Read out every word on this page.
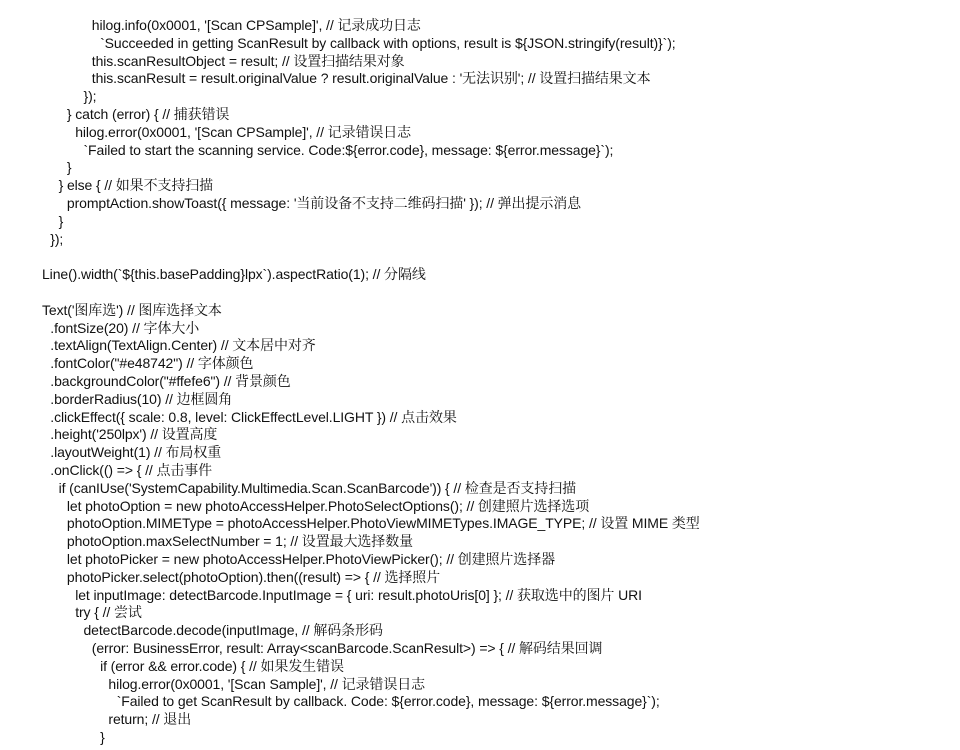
hilog.info(0x0001, '[Scan CPSample]', // 记录成功日志
`Succeeded in getting ScanResult by callback with options, result is ${JSON.stringify(result)}`);
this.scanResultObject = result; // 设置扫描结果对象
this.scanResult = result.originalValue ? result.originalValue : '无法识别'; // 设置扫描结果文本
});
} catch (error) { // 捕获错误
hilog.error(0x0001, '[Scan CPSample]', // 记录错误日志
`Failed to start the scanning service. Code:${error.code}, message: ${error.message}`);
}
} else { // 如果不支持扫描
promptAction.showToast({ message: '当前设备不支持二维码扫描' }); // 弹出提示消息
}
});
Line().width(`${this.basePadding}lpx`).aspectRatio(1); // 分隔线
Text('图库选') // 图库选择文本
.fontSize(20) // 字体大小
.textAlign(TextAlign.Center) // 文本居中对齐
.fontColor("#e48742") // 字体颜色
.backgroundColor("#ffefe6") // 背景颜色
.borderRadius(10) // 边框圆角
.clickEffect({ scale: 0.8, level: ClickEffectLevel.LIGHT }) // 点击效果
.height('250lpx') // 设置高度
.layoutWeight(1) // 布局权重
.onClick(() => { // 点击事件
if (canIUse('SystemCapability.Multimedia.Scan.ScanBarcode')) { // 检查是否支持扫描
let photoOption = new photoAccessHelper.PhotoSelectOptions(); // 创建照片选择选项
photoOption.MIMEType = photoAccessHelper.PhotoViewMIMETypes.IMAGE_TYPE; // 设置 MIME 类型
photoOption.maxSelectNumber = 1; // 设置最大选择数量
let photoPicker = new photoAccessHelper.PhotoViewPicker(); // 创建照片选择器
photoPicker.select(photoOption).then((result) => { // 选择照片
let inputImage: detectBarcode.InputImage = { uri: result.photoUris[0] }; // 获取选中的图片 URI
try { // 尝试
detectBarcode.decode(inputImage, // 解码条形码
(error: BusinessError, result: Array<scanBarcode.ScanResult>) => { // 解码结果回调
if (error && error.code) { // 如果发生错误
hilog.error(0x0001, '[Scan Sample]', // 记录错误日志
`Failed to get ScanResult by callback. Code: ${error.code}, message: ${error.message}`);
return; // 退出
}
